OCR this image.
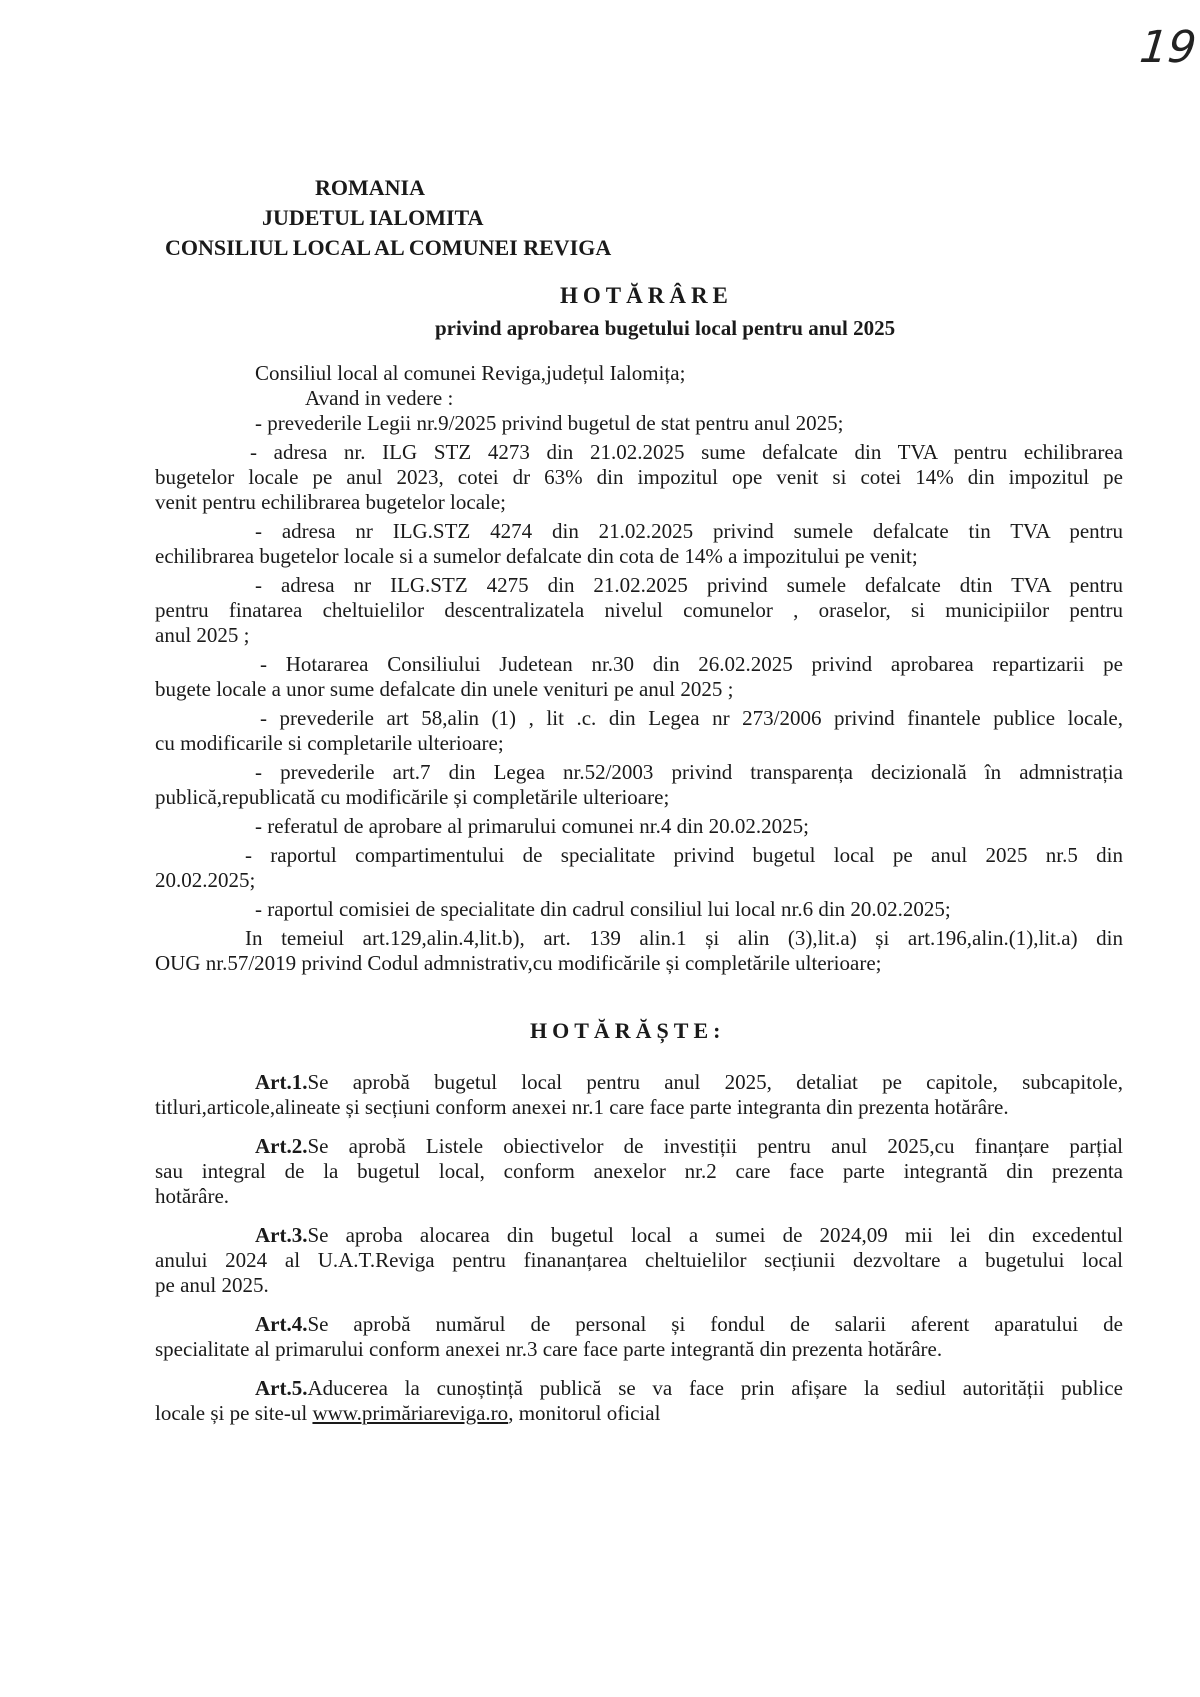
19
ROMANIA
JUDETUL IALOMITA
CONSILIUL LOCAL AL COMUNEI REVIGA
HOTĂRÂRE
privind aprobarea bugetului local pentru anul 2025
Consiliul local al comunei Reviga,județul Ialomița;
Avand in vedere :
- prevederile Legii nr.9/2025 privind bugetul de stat pentru anul 2025;
- adresa nr. ILG STZ 4273 din 21.02.2025 sume defalcate din TVA pentru echilibrarea
bugetelor locale pe anul 2023, cotei dr 63% din impozitul ope venit si cotei 14% din impozitul pe
venit pentru echilibrarea bugetelor locale;
- adresa nr ILG.STZ 4274 din 21.02.2025 privind sumele defalcate tin TVA pentru
echilibrarea bugetelor locale si a sumelor defalcate din cota de 14% a impozitului pe venit;
- adresa nr ILG.STZ 4275 din 21.02.2025 privind sumele defalcate dtin TVA pentru
pentru finatarea cheltuielilor descentralizatela nivelul comunelor , oraselor, si municipiilor pentru
anul 2025 ;
- Hotararea Consiliului Judetean nr.30 din 26.02.2025 privind aprobarea repartizarii pe
bugete locale a unor sume defalcate din unele venituri pe anul 2025 ;
- prevederile art 58,alin (1) , lit .c. din Legea nr 273/2006 privind finantele publice locale,
cu modificarile si completarile ulterioare;
- prevederile art.7 din Legea nr.52/2003 privind transparența decizională în admnistrația
publică,republicată cu modificările și completările ulterioare;
- referatul de aprobare al primarului comunei nr.4 din 20.02.2025;
- raportul compartimentului de specialitate privind bugetul local pe anul 2025 nr.5 din
20.02.2025;
- raportul comisiei de specialitate din cadrul consiliul lui local nr.6 din 20.02.2025;
In temeiul art.129,alin.4,lit.b), art. 139 alin.1 și alin (3),lit.a) și art.196,alin.(1),lit.a) din
OUG nr.57/2019 privind Codul admnistrativ,cu modificările și completările ulterioare;
HOTĂRĂȘTE:
Art.1.Se aprobă bugetul local pentru anul 2025, detaliat pe capitole, subcapitole,
titluri,articole,alineate și secțiuni conform anexei nr.1 care face parte integranta din prezenta hotărâre.
Art.2.Se aprobă Listele obiectivelor de investiții pentru anul 2025,cu finanțare parțial
sau integral de la bugetul local, conform anexelor nr.2 care face parte integrantă din prezenta
hotărâre.
Art.3.Se aproba alocarea din bugetul local a sumei de 2024,09 mii lei din excedentul
anului 2024 al U.A.T.Reviga pentru finananțarea cheltuielilor secțiunii dezvoltare a bugetului local
pe anul 2025.
Art.4.Se aprobă numărul de personal și fondul de salarii aferent aparatului de
specialitate al primarului conform anexei nr.3 care face parte integrantă din prezenta hotărâre.
Art.5.Aducerea la cunoștință publică se va face prin afișare la sediul autorității publice
locale și pe site-ul www.primăriareviga.ro, monitorul oficial
